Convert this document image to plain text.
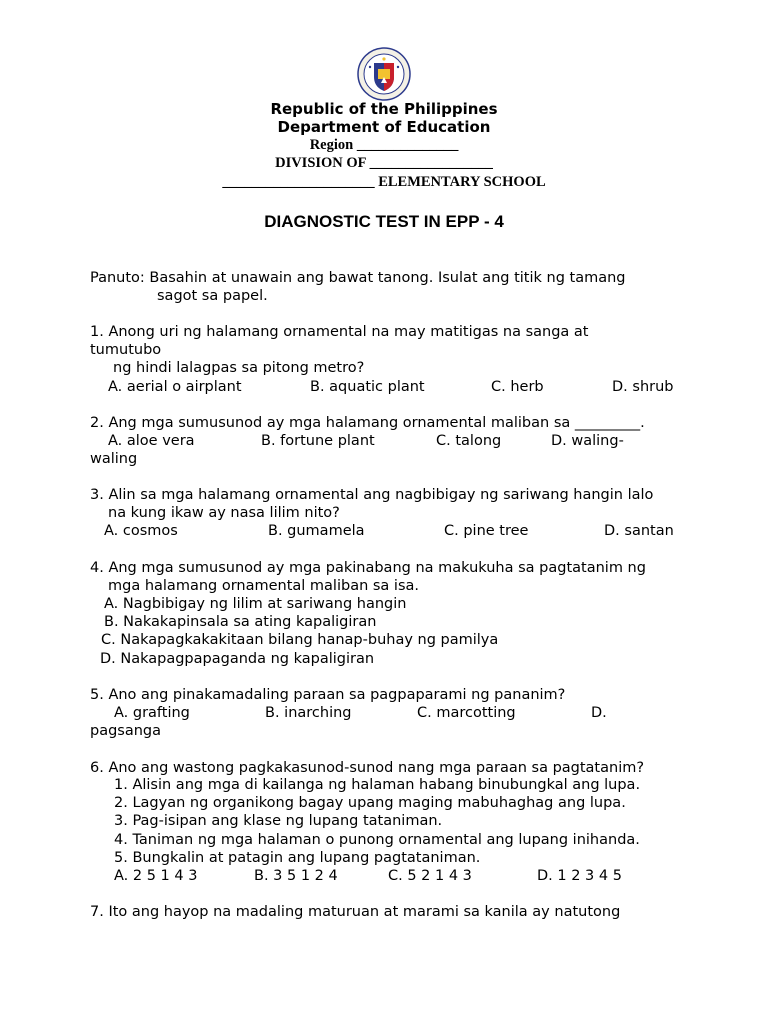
Republic of the Philippines
Department of Education
Region ______________
DIVISION OF _________________
_____________________ ELEMENTARY SCHOOL
DIAGNOSTIC TEST IN EPP - 4
Panuto: Basahin at unawain ang bawat tanong. Isulat ang titik ng tamang
sagot sa papel.
1. Anong uri ng halamang ornamental na may matitigas na sanga at
tumutubo
ng hindi lalagpas sa pitong metro?
A. aerial o airplant	B. aquatic plant	C. herb	D. shrub
2. Ang mga sumusunod ay mga halamang ornamental maliban sa _________.
A. aloe vera	B. fortune plant	C. talong	D. waling-
waling
3. Alin sa mga halamang ornamental ang nagbibigay ng sariwang hangin lalo
na kung ikaw ay nasa lilim nito?
A. cosmos	B. gumamela	C. pine tree	D. santan
4. Ang mga sumusunod ay mga pakinabang na makukuha sa pagtatanim ng
mga halamang ornamental maliban sa isa.
A. Nagbibigay ng lilim at sariwang hangin
B. Nakakapinsala sa ating kapaligiran
C. Nakapagkakakitaan bilang hanap-buhay ng pamilya
D. Nakapagpapaganda ng kapaligiran
5. Ano ang pinakamadaling paraan sa pagpaparami ng pananim?
A. grafting	B. inarching	C. marcotting	D.
pagsanga
6. Ano ang wastong pagkakasunod-sunod nang mga paraan sa pagtatanim?
1. Alisin ang mga di kailanga ng halaman habang binubungkal ang lupa.
2. Lagyan ng organikong bagay upang maging mabuhaghag ang lupa.
3. Pag-isipan ang klase ng lupang tataniman.
4. Taniman ng mga halaman o punong ornamental ang lupang inihanda.
5. Bungkalin at patagin ang lupang pagtataniman.
A. 2 5 1 4 3	B. 3 5 1 2 4	C. 5 2 1 4 3	D. 1 2 3 4 5
7. Ito ang hayop na madaling maturuan at marami sa kanila ay natutong
